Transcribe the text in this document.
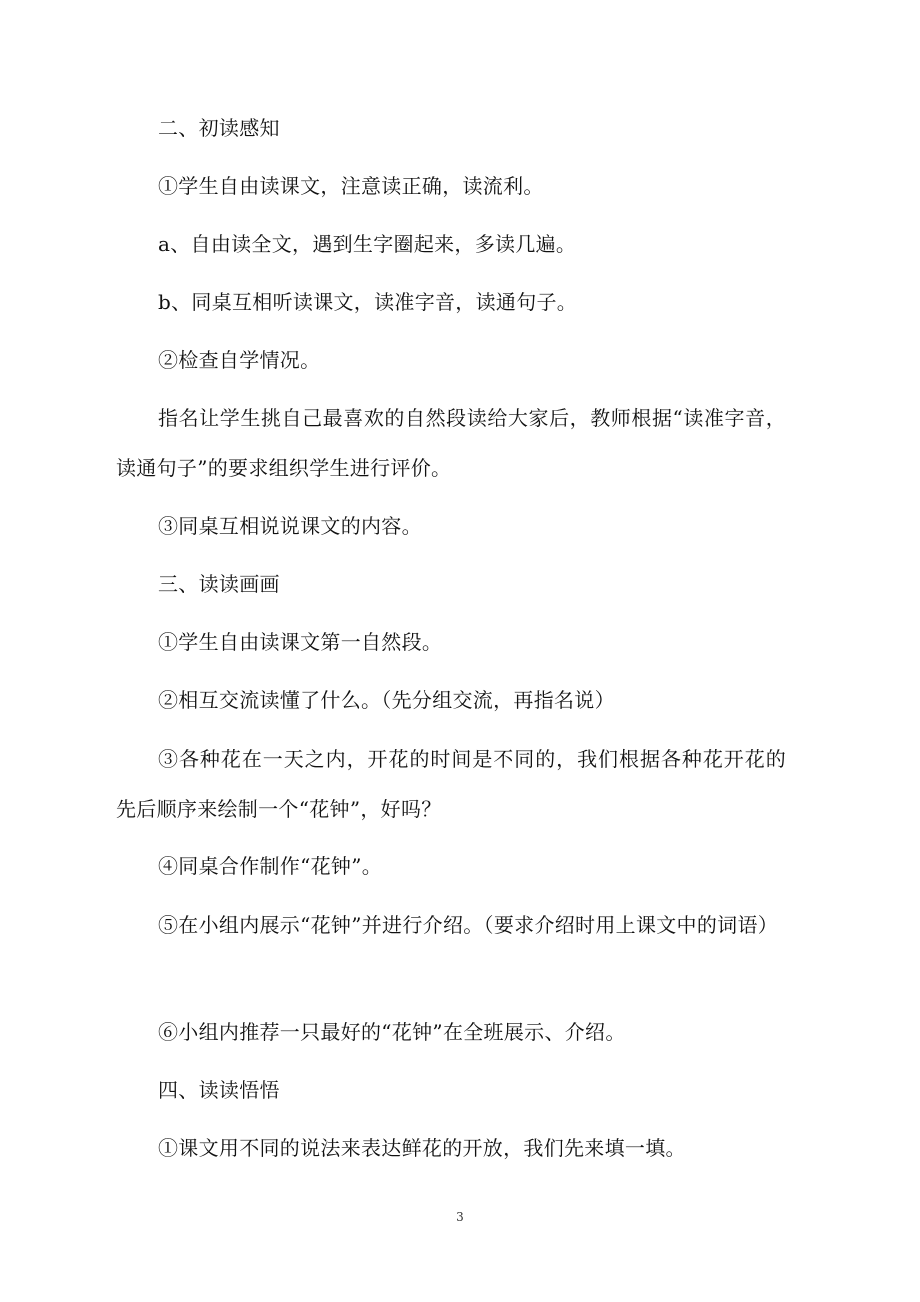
二、初读感知
①学生自由读课文，注意读正确，读流利。
a、自由读全文，遇到生字圈起来，多读几遍。
b、同桌互相听读课文，读准字音，读通句子。
②检查自学情况。
指名让学生挑自己最喜欢的自然段读给大家后，教师根据“读准字音，读通句子”的要求组织学生进行评价。
③同桌互相说说课文的内容。
三、读读画画
①学生自由读课文第一自然段。
②相互交流读懂了什么。（先分组交流，再指名说）
③各种花在一天之内，开花的时间是不同的，我们根据各种花开花的先后顺序来绘制一个“花钟”，好吗？
④同桌合作制作“花钟”。
⑤在小组内展示“花钟”并进行介绍。（要求介绍时用上课文中的词语）
⑥小组内推荐一只最好的“花钟”在全班展示、介绍。
四、读读悟悟
①课文用不同的说法来表达鲜花的开放，我们先来填一填。
3
